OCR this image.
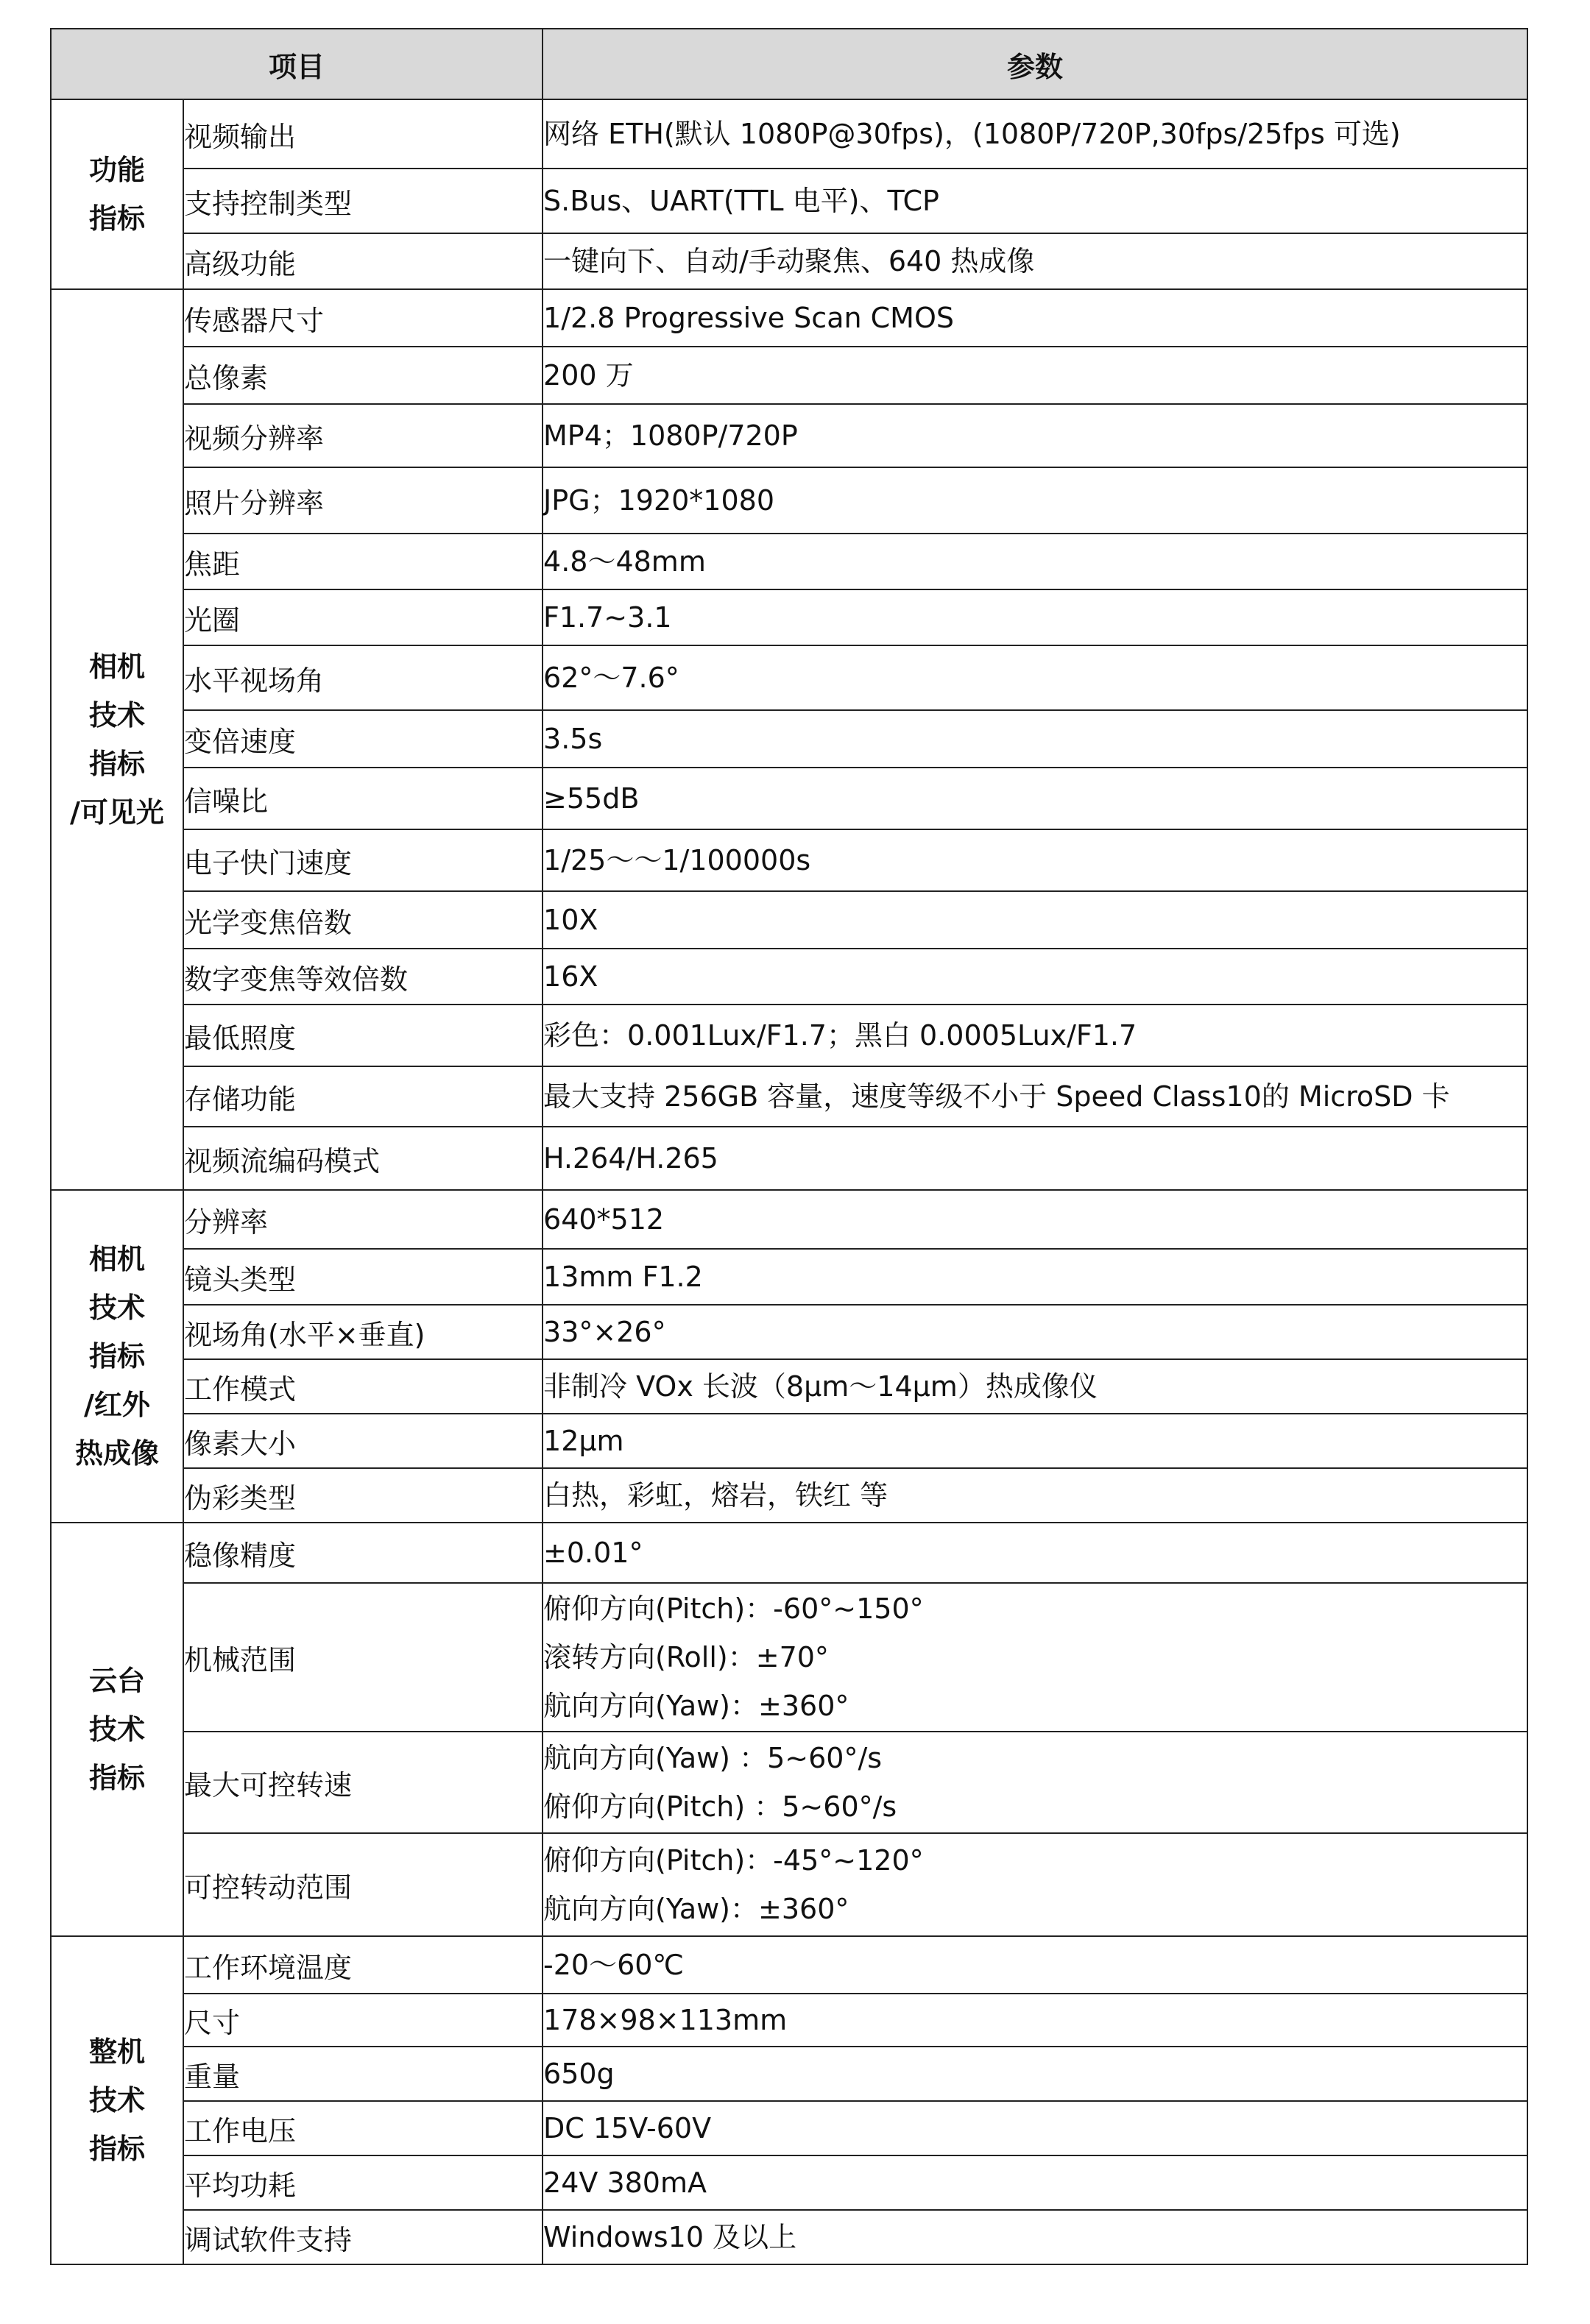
项目		参数

功能
指标	视频输出	网络 ETH(默认 1080P@30fps)，(1080P/720P,30fps/25fps 可选)

	支持控制类型	S.Bus、UART(TTL 电平)、TCP

	高级功能	一键向下、自动/手动聚焦、640 热成像

相机
技术
指标
/可见光	传感器尺寸	1/2.8 Progressive Scan CMOS

	总像素	200 万

	视频分辨率	MP4；1080P/720P

	照片分辨率	JPG；1920*1080

	焦距	4.8～48mm

	光圈	F1.7~3.1

	水平视场角	62°～7.6°

	变倍速度	3.5s

	信噪比	≥55dB

	电子快门速度	1/25～～1/100000s

	光学变焦倍数	10X

	数字变焦等效倍数	16X

	最低照度	彩色：0.001Lux/F1.7；黑白 0.0005Lux/F1.7

	存储功能	最大支持 256GB 容量，速度等级不小于 Speed Class10的 MicroSD 卡

	视频流编码模式	H.264/H.265

相机
技术
指标
/红外
热成像	分辨率	640*512

	镜头类型	13mm F1.2

	视场角(水平×垂直)	33°×26°

	工作模式	非制冷 VOx 长波（8μm～14μm）热成像仪

	像素大小	12μm

	伪彩类型	白热，彩虹，熔岩，铁红 等

云台
技术
指标	稳像精度	±0.01°

	机械范围	俯仰方向(Pitch)：-60°~150°
滚转方向(Roll)：±70°
航向方向(Yaw)：±360°

	最大可控转速	航向方向(Yaw) ：5~60°/s
俯仰方向(Pitch) ：5~60°/s

	可控转动范围	俯仰方向(Pitch)：-45°~120°
航向方向(Yaw)：±360°

整机
技术
指标	工作环境温度	-20～60℃

	尺寸	178×98×113mm

	重量	650g

	工作电压	DC 15V-60V

	平均功耗	24V 380mA

	调试软件支持	Windows10 及以上
